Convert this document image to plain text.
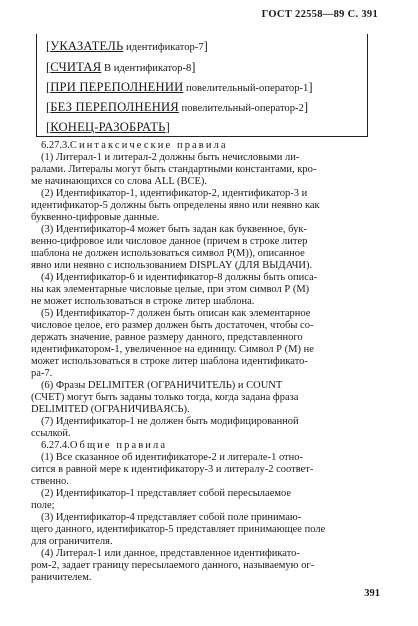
ГОСТ 22558—89 С. 391
[УКАЗАТЕЛЬ идентификатор-7]
[СЧИТАЯ В идентификатор-8]
[ПРИ ПЕРЕПОЛНЕНИИ повелительный-оператор-1]
[БЕЗ ПЕРЕПОЛНЕНИЯ повелительный-оператор-2]
[КОНЕЦ-РАЗОБРАТЬ]

6.27.3.Синтаксические правила

(1) Литерал-1 и литерал-2 должны быть нечисловыми ли-

ралами. Литералы могут быть стандартными константами, кро-

ме начинающихся со слова ALL (ВСЕ).

(2) Идентификатор-1, идентификатор-2, идентификатор-3 и

идентификатор-5 должны быть определены явно или неявно как

буквенно-цифровые данные.

(3) Идентификатор-4 может быть задан как буквенное, бук-

венно-цифровое или числовое данное (причем в строке литер

шаблона не должен использоваться символ Р(M)), описанное

явно или неявно с использованием DISPLAY (ДЛЯ ВЫДАЧИ).

(4) Идентификатор-6 и идентификатор-8 должны быть описа-

ны как элементарные числовые целые, при этом символ Р (М)

не может использоваться в строке литер шаблона.

(5) Идентификатор-7 должен быть описан как элементарное

числовое целое, его размер должен быть достаточен, чтобы со-

держать значение, равное размеру данного, представленного

идентификатором-1, увеличенное на единицу. Символ Р (М) не

может использоваться в строке литер шаблона идентификато-

ра-7.

(6) Фразы DELIMITER (ОГРАНИЧИТЕЛЬ) и COUNT

(СЧЕТ) могут быть заданы только тогда, когда задана фраза

DELIMITED (ОГРАНИЧИВАЯСЬ).

(7) Идентификатор-1 не должен быть модифицированной

ссылкой.

6.27.4.Общие правила

(1) Все сказанное об идентификаторе-2 и литерале-1 отно-

сится в равной мере к идентификатору-3 и литералу-2 соответ-

ственно.

(2) Идентификатор-1 представляет собой пересылаемое

поле;

(3) Идентификатор-4 представляет собой поле принимаю-

щего данного, идентификатор-5 представляет принимающее поле

для ограничителя.

(4) Литерал-1 или данное, представленное идентификато-

ром-2, задает границу пересылаемого данного, называемую ог-

раничителем.

391
